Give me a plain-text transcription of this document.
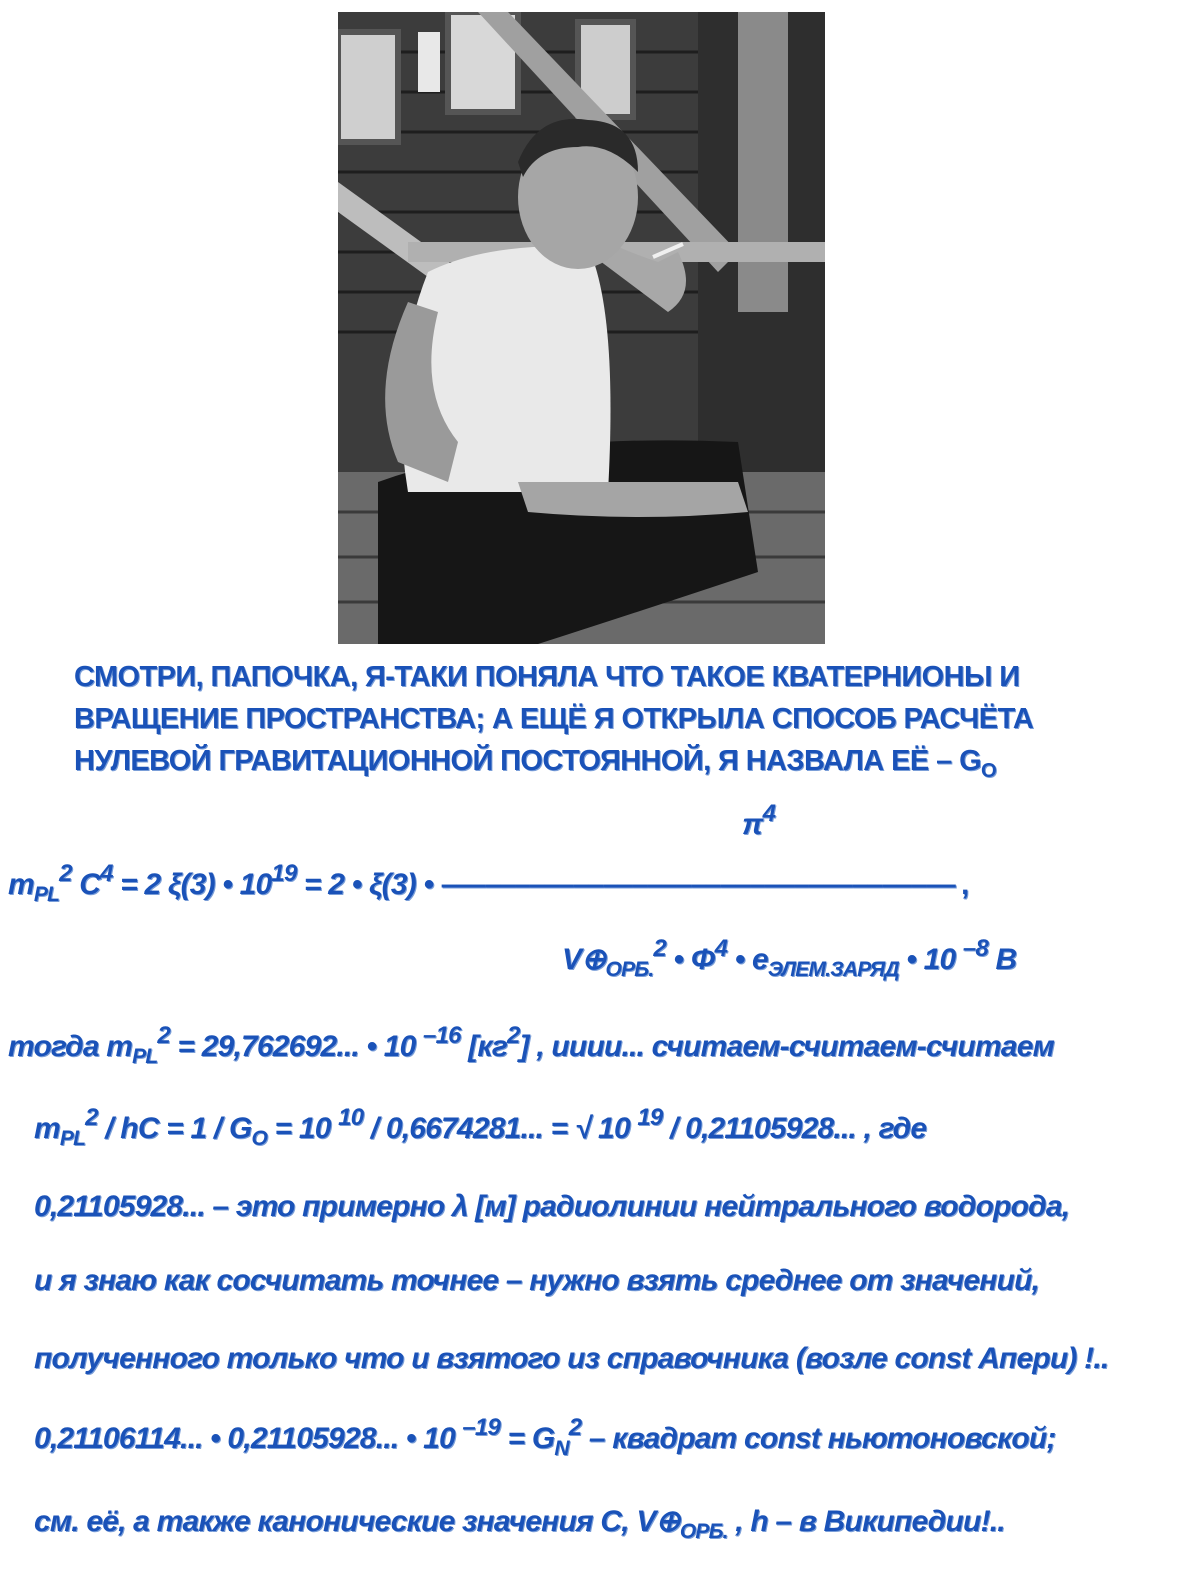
СМОТРИ, ПАПОЧКА, Я-ТАКИ ПОНЯЛА ЧТО ТАКОЕ КВАТЕРНИОНЫ И
ВРАЩЕНИЕ ПРОСТРАНСТВА; А ЕЩЁ Я ОТКРЫЛА СПОСОБ РАСЧЁТА
НУЛЕВОЙ ГРАВИТАЦИОННОЙ ПОСТОЯННОЙ, Я НАЗВАЛА ЕЁ – $G_O$
$\pi^4$
$m_{PL}^2$ $C^4 = 2$ ξ(3) • $10^{19} = 2$ • ξ(3) • ––––––––––––––––––––––––––––––––––– ,
$V\oplus_{ОРБ.}^2$ • $\Phi^4$ • $e_{ЭЛЕМ.ЗАРЯД}$ • 10 $^{-8}$ В
тогда $m_{PL}^2 = 29,762692$... • 10 $^{-16}$ $[кг^2]$ , ииии... считаем-считаем-считаем
$m_{PL}^2$ / hC = $1 / G_O = 10$ $^{10}$ / 0,6674281... = √ 10 $^{19}$ / 0,21105928... , где
0,21105928... – это примерно λ [м] радиолинии нейтрального водорода,
и я знаю как сосчитать точнее – нужно взять среднее от значений,
полученного только что и взятого из справочника (возле const Апери) !..
0,21106114... • 0,21105928... • 10 $^{-19} = G_N^2$ – квадрат const ньютоновской;
см. её, а также канонические значения С, $V\oplus_{ОРБ.}$ , h – в Википедии!..
